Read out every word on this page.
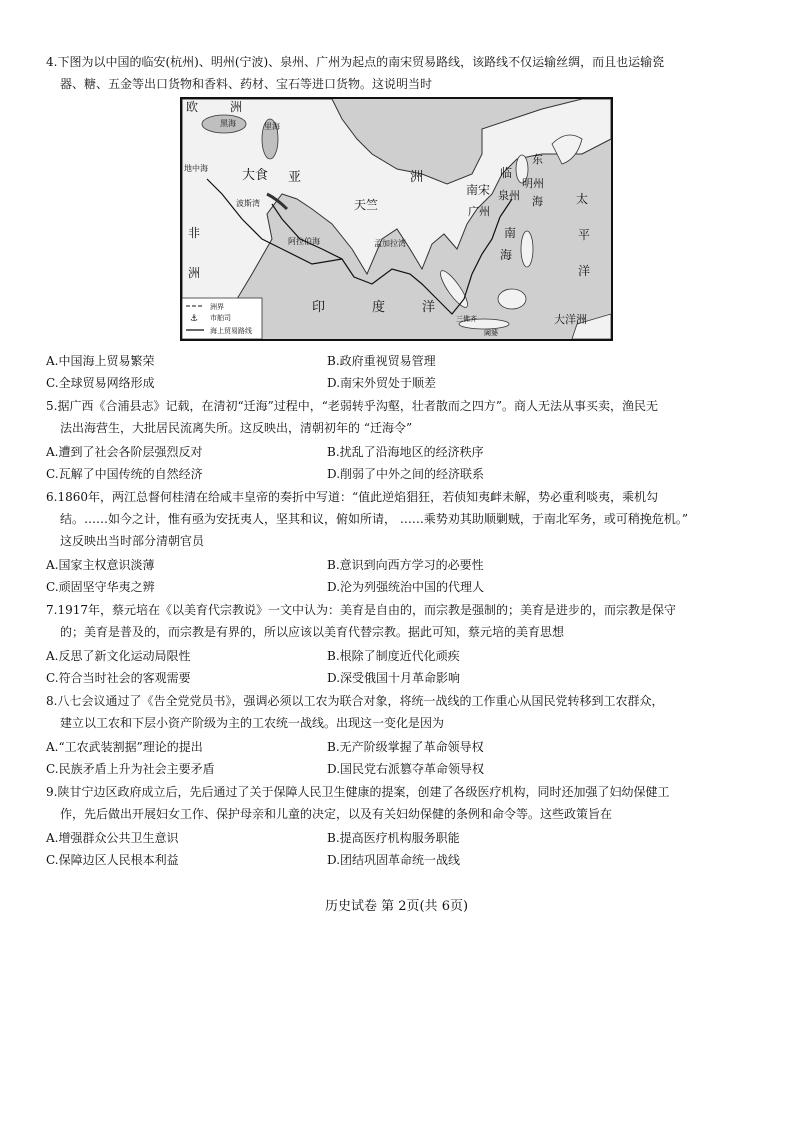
4.下图为以中国的临安(杭州)、明州(宁波)、泉州、广州为起点的南宋贸易路线，该路线不仅运输丝绸，而且也运输瓷
器、糖、五金等出口货物和香料、药材、宝石等进口货物。这说明当时
欧	洲
黑海	里海
地中海	大食 亚	洲
波斯湾
阿拉伯海
天竺
孟加拉湾
非
洲
印	度	洋
南宋
临
明州
泉州
广州
东
海
南
海
太
平
洋
大洋洲
三佛齐
阇婆
洲界
⚓ 市舶司
海上贸易路线
A.中国海上贸易繁荣	B.政府重视贸易管理
C.全球贸易网络形成	D.南宋外贸处于顺差
5.据广西《合浦县志》记载，在清初“迁海”过程中，“老弱转乎沟壑，壮者散而之四方”。商人无法从事买卖，渔民无
法出海营生，大批居民流离失所。这反映出，清朝初年的 “迁海令”
A.遭到了社会各阶层强烈反对	B.扰乱了沿海地区的经济秩序
C.瓦解了中国传统的自然经济	D.削弱了中外之间的经济联系
6.1860年，两江总督何桂清在给咸丰皇帝的奏折中写道：“值此逆焰猖狂，若侦知夷衅未解，势必重利啖夷，乘机勾
结。……如今之计，惟有亟为安抚夷人，坚其和议，俯如所请， ……乘势劝其助顺剿贼，于南北军务，或可稍挽危机。”
这反映出当时部分清朝官员
A.国家主权意识淡薄	B.意识到向西方学习的必要性
C.顽固坚守华夷之辨	D.沦为列强统治中国的代理人
7.1917年，蔡元培在《以美育代宗教说》一文中认为：美育是自由的，而宗教是强制的；美育是进步的，而宗教是保守
的；美育是普及的，而宗教是有界的，所以应该以美育代替宗教。据此可知，蔡元培的美育思想
A.反思了新文化运动局限性	B.根除了制度近代化顽疾
C.符合当时社会的客观需要	D.深受俄国十月革命影响
8.八七会议通过了《告全党党员书》，强调必须以工农为联合对象，将统一战线的工作重心从国民党转移到工农群众，
建立以工农和下层小资产阶级为主的工农统一战线。出现这一变化是因为
A.“工农武装割据”理论的提出	B.无产阶级掌握了革命领导权
C.民族矛盾上升为社会主要矛盾	D.国民党右派篡夺革命领导权
9.陕甘宁边区政府成立后，先后通过了关于保障人民卫生健康的提案，创建了各级医疗机构，同时还加强了妇幼保健工
作，先后做出开展妇女工作、保护母亲和儿童的决定，以及有关妇幼保健的条例和命令等。这些政策旨在
A.增强群众公共卫生意识	B.提高医疗机构服务职能
C.保障边区人民根本利益	D.团结巩固革命统一战线
历史试卷 第 2页(共 6页)
